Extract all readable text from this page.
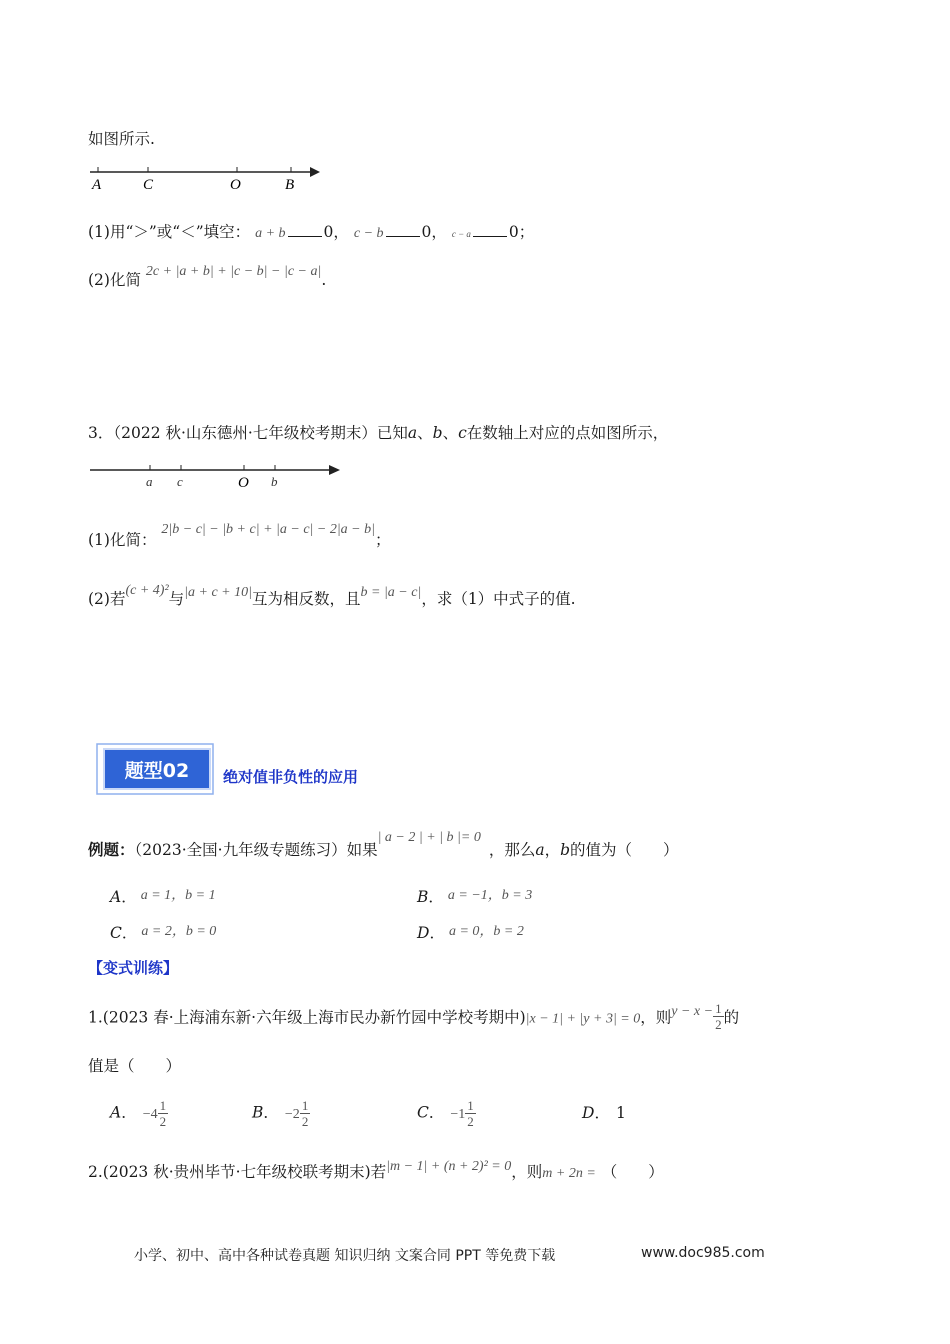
如图所示.
A	C	O	B
(1)用“＞”或“＜”填空： a + b 0， c − b 0， c − a 0；
(2)化简 2c + |a + b| + |c − b| − |c − a|.
3．（2022 秋·山东德州·七年级校考期末）已知a、b、c在数轴上对应的点如图所示，
a c	O b
(1)化简： 2|b − c| − |b + c| + |a − c| − 2|a − b|；
(2)若(c + 4)²与|a + c + 10|互为相反数，且b = |a − c|，求（1）中式子的值.
题型02 绝对值非负性的应用
例题：（2023·全国·九年级专题练习）如果| a − 2 | + | b |= 0，那么a，b的值为（　　）
A． a = 1，b = 1	B． a = −1，b = 3
C． a = 2，b = 0	D． a = 0，b = 2
【变式训练】
1.(2023 春·上海浦东新·六年级上海市民办新竹园中学校考期中)|x − 1| + |y + 3| = 0，则$y - x - \frac{1}{2}$ 的
值是（　　）
A． $-4 \frac{1}{2}$	B． $-2 \frac{1}{2}$	C． $-1 \frac{1}{2}$	D． 1
2.(2023 秋·贵州毕节·七年级校联考期末)若|m − 1| + (n + 2)² = 0，则m + 2n = （　　）
小学、初中、高中各种试卷真题 知识归纳 文案合同 PPT 等免费下载	www.doc985.com
